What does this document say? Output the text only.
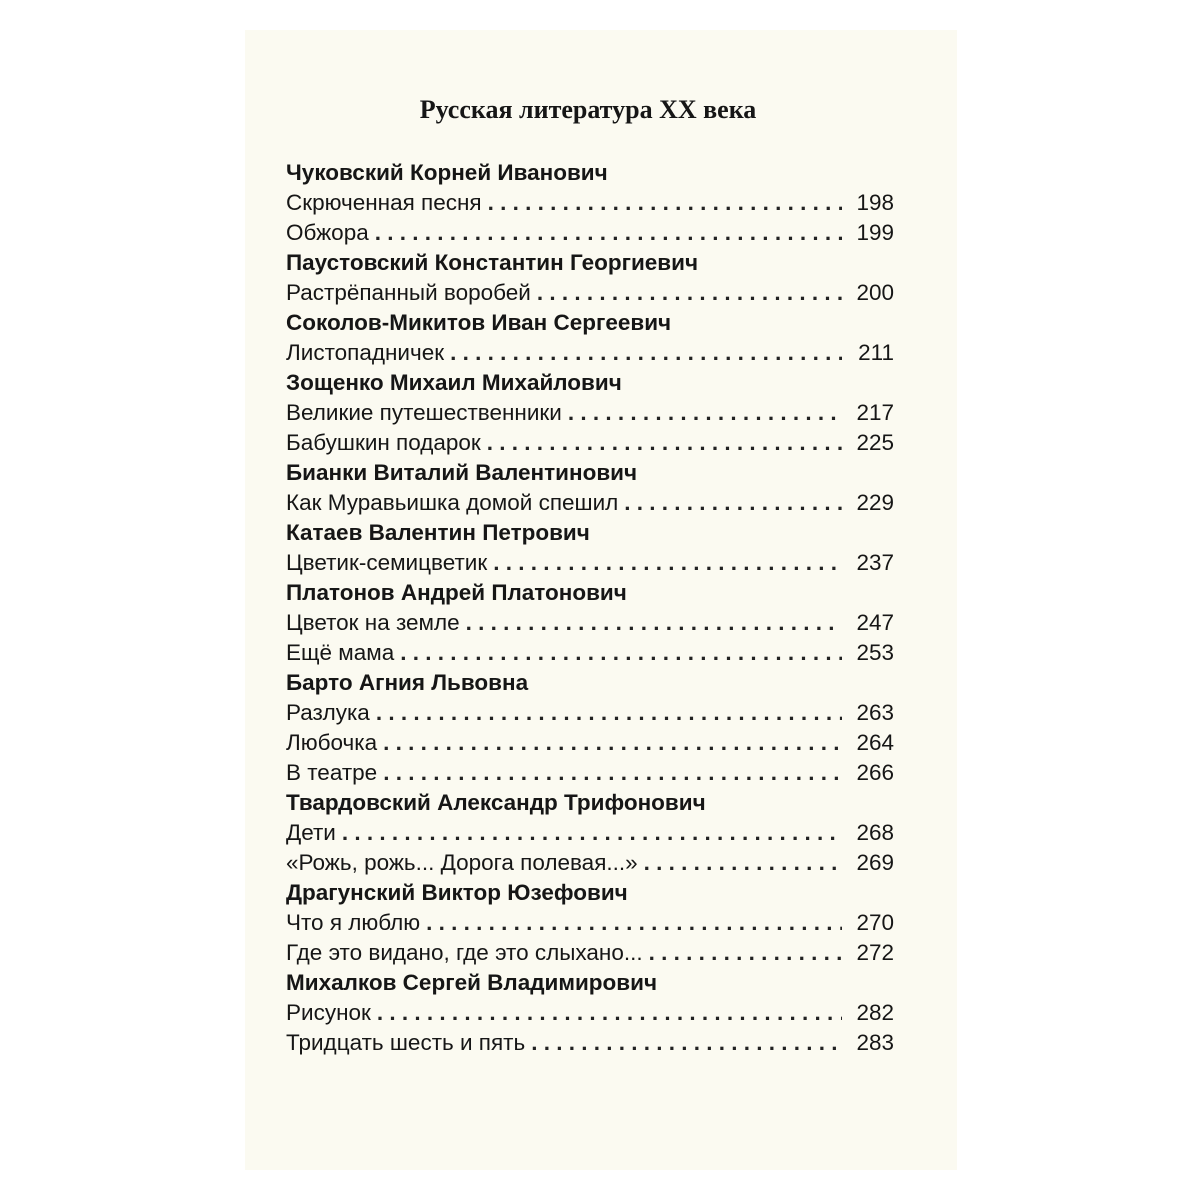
Русская литература XX века
Чуковский Корней Иванович
Скрюченная песня . . .	198
Обжора . . .	199
Паустовский Константин Георгиевич
Растрёпанный воробей . . .	200
Соколов-Микитов Иван Сергеевич
Листопадничек . . .	211
Зощенко Михаил Михайлович
Великие путешественники . . .	217
Бабушкин подарок . . .	225
Бианки Виталий Валентинович
Как Муравьишка домой спешил . . .	229
Катаев Валентин Петрович
Цветик-семицветик . . .	237
Платонов Андрей Платонович
Цветок на земле . . .	247
Ещё мама . . .	253
Барто Агния Львовна
Разлука . . .	263
Любочка . . .	264
В театре . . .	266
Твардовский Александр Трифонович
Дети . . .	268
«Рожь, рожь... Дорога полевая...» . . .	269
Драгунский Виктор Юзефович
Что я люблю . . .	270
Где это видано, где это слыхано... . . .	272
Михалков Сергей Владимирович
Рисунок . . .	282
Тридцать шесть и пять . . .	283
